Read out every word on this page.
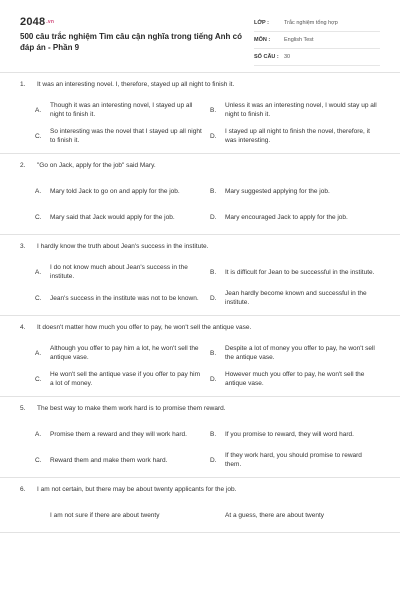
2048.vn
500 câu trắc nghiệm Tìm câu cận nghĩa trong tiếng Anh có đáp án - Phần 9
LỚP :	Trắc nghiệm tổng hợp
MÔN :	English Test
SỐ CÂU : 30
1.	It was an interesting novel. I, therefore, stayed up all night to finish it.
A.
Though it was an interesting novel, I stayed up all night to finish it.
B.
Unless it was an interesting novel, I would stay up all night to finish it.
C.
So interesting was the novel that I stayed up all night to finish it.
D.
I stayed up all night to finish the novel, therefore, it was interesting.
2.	"Go on Jack, apply for the job" said Mary.
A.	Mary told Jack to go on and apply for the job.	B.	Mary suggested applying for the job.
C.	Mary said that Jack would apply for the job.	D.	Mary encouraged Jack to apply for the job.
3.	I hardly know the truth about Jean's success in the institute.
A.
I do not know much about Jean's success in the institute.
B.	It is difficult for Jean to be successful in the institute.
C.	Jean's success in the institute was not to be known.	D.
Jean hardly become known and successful in the institute.
4.	It doesn't matter how much you offer to pay, he won't sell the antique vase.
A.
Although you offer to pay him a lot, he won't sell the antique vase.
B.
Despite a lot of money you offer to pay, he won't sell the antique vase.
C.
He won't sell the antique vase if you offer to pay him a lot of money.
D.
However much you offer to pay, he won't sell the antique vase.
5.	The best way to make them work hard is to promise them reward.
A.	Promise them a reward and they will work hard.	B.	If you promise to reward, they will word hard.
C.	Reward them and make them work hard.	D.
If they work hard, you should promise to reward them.
6.	I am not certain, but there may be about twenty applicants for the job.
I am not sure if there are about twenty	At a guess, there are about twenty
